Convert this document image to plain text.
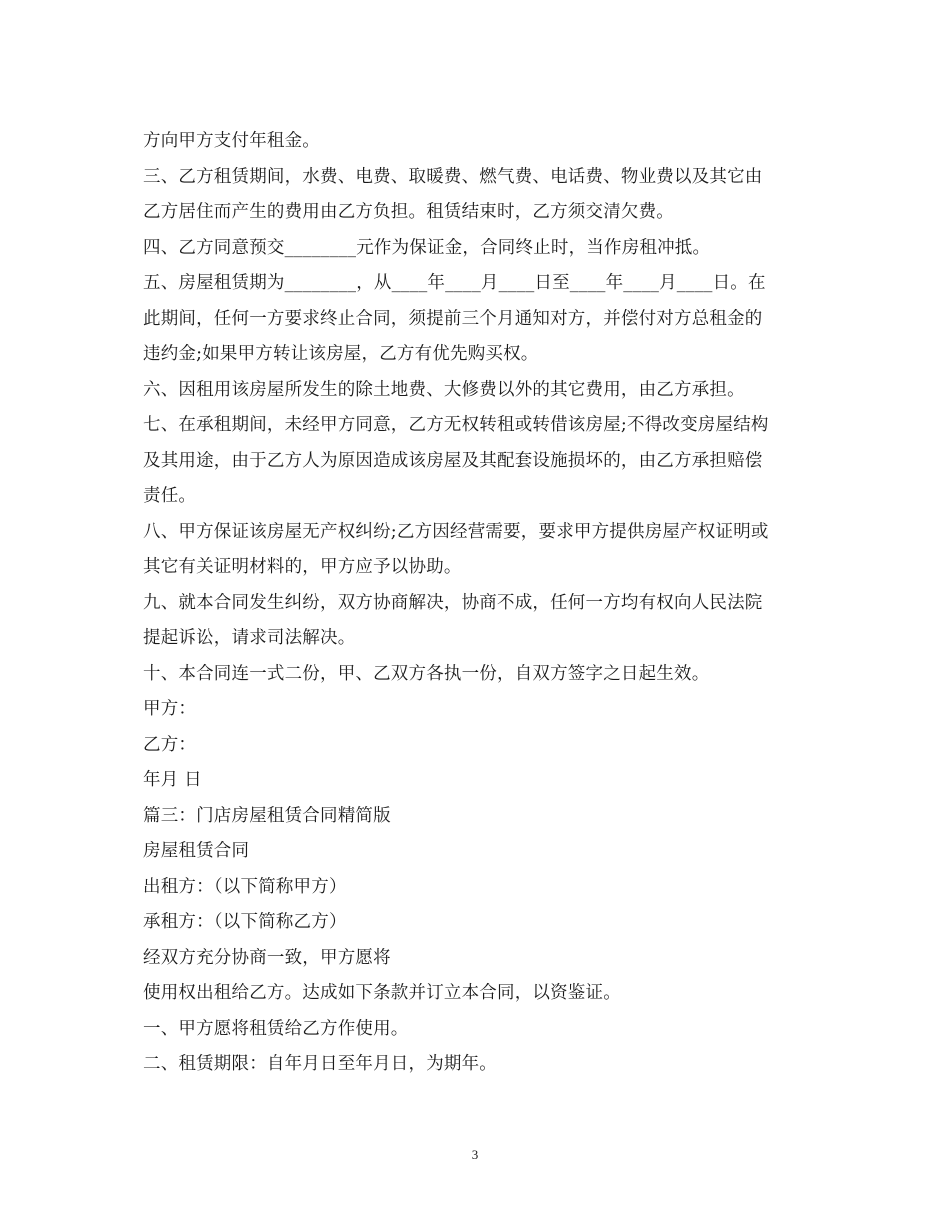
方向甲方支付年租金。
三、乙方租赁期间，水费、电费、取暖费、燃气费、电话费、物业费以及其它由
乙方居住而产生的费用由乙方负担。租赁结束时，乙方须交清欠费。
四、乙方同意预交________元作为保证金，合同终止时，当作房租冲抵。
五、房屋租赁期为________，从____年____月____日至____年____月____日。在
此期间，任何一方要求终止合同，须提前三个月通知对方，并偿付对方总租金的
违约金;如果甲方转让该房屋，乙方有优先购买权。
六、因租用该房屋所发生的除土地费、大修费以外的其它费用，由乙方承担。
七、在承租期间，未经甲方同意，乙方无权转租或转借该房屋;不得改变房屋结构
及其用途，由于乙方人为原因造成该房屋及其配套设施损坏的，由乙方承担赔偿
责任。
八、甲方保证该房屋无产权纠纷;乙方因经营需要，要求甲方提供房屋产权证明或
其它有关证明材料的，甲方应予以协助。
九、就本合同发生纠纷，双方协商解决，协商不成，任何一方均有权向人民法院
提起诉讼，请求司法解决。
十、本合同连一式二份，甲、乙双方各执一份，自双方签字之日起生效。
甲方：
乙方：
年月 日
篇三：门店房屋租赁合同精简版
房屋租赁合同
出租方：（以下简称甲方）
承租方：（以下简称乙方）
经双方充分协商一致，甲方愿将
使用权出租给乙方。达成如下条款并订立本合同，以资鉴证。
一、甲方愿将租赁给乙方作使用。
二、租赁期限：自年月日至年月日，为期年。
3
